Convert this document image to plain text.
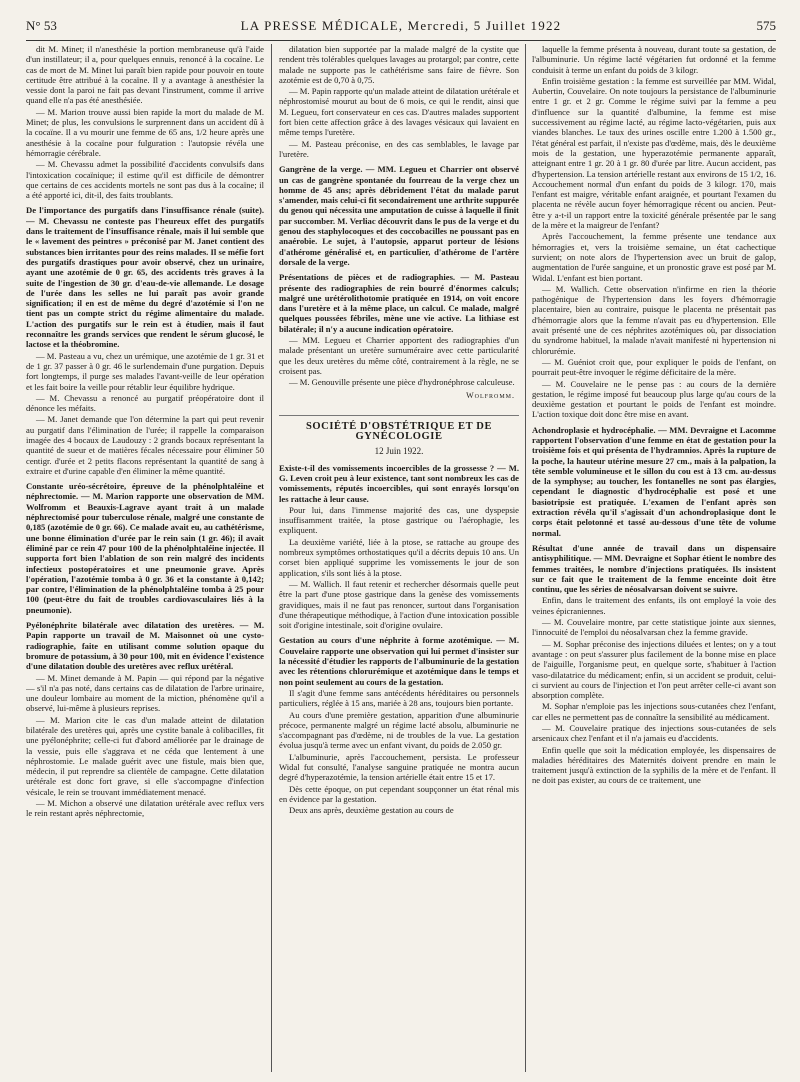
N° 53	LA PRESSE MÉDICALE, Mercredi, 5 Juillet 1922	575

dit M. Minet; il n'anesthésie la portion membraneuse qu'à l'aide d'un instillateur; il a, pour quelques ennuis, renoncé à la cocaïne. Le cas de mort de M. Minet lui paraît bien rapide pour pouvoir en toute certitude être attribué à la cocaïne. Il y a avantage à anesthésier la vessie dont la paroi ne fait pas devant l'instrument, comme il arrive quand elle n'a pas été anesthésiée.

— M. Marion trouve aussi bien rapide la mort du malade de M. Minet; de plus, les convulsions le surprennent dans un accident dû à la cocaïne. Il a vu mourir une femme de 65 ans, 1/2 heure après une anesthésie à la cocaïne pour fulguration : l'autopsie révéla une hémorragie cérébrale.

— M. Chevassu admet la possibilité d'accidents convulsifs dans l'intoxication cocaïnique; il estime qu'il est difficile de démontrer que certains de ces accidents mortels ne sont pas dus à la cocaïne; il a été apporté ici, dit-il, des faits troublants.

De l'importance des purgatifs dans l'insuffisance rénale (suite). — M. Chevassu ne conteste pas l'heureux effet des purgatifs dans le traitement de l'insuffisance rénale, mais il lui semble que le « lavement des peintres » préconisé par M. Janet contient des substances bien irritantes pour des reins malades. Il se méfie fort des purgatifs drastiques pour avoir observé, chez un urinaire, ayant une azotémie de 0 gr. 65, des accidents très graves à la suite de l'ingestion de 30 gr. d'eau-de-vie allemande. Le dosage de l'urée dans les selles ne lui paraît pas avoir grande signification; il en est de même du degré d'azotémie si l'on ne tient pas un compte strict du régime alimentaire du malade. L'action des purgatifs sur le rein est à étudier, mais il faut reconnaître les grands services que rendent le sérum glucosé, le lactose et la théobromine.

— M. Pasteau a vu, chez un urémique, une azotémie de 1 gr. 31 et de 1 gr. 37 passer à 0 gr. 46 le surlendemain d'une purgation. Depuis fort longtemps, il purge ses malades l'avant-veille de leur opération et les fait boire la veille pour rétablir leur équilibre hydrique.

— M. Chevassu a renoncé au purgatif préopératoire dont il dénonce les méfaits.

— M. Janet demande que l'on détermine la part qui peut revenir au purgatif dans l'élimination de l'urée; il rappelle la comparaison imagée des 4 bocaux de Laudouzy : 2 grands bocaux représentant la quantité de sueur et de matières fécales nécessaire pour éliminer 50 centigr. d'urée et 2 petits flacons représentant la quantité de sang à extraire et d'urine capable d'en éliminer la même quantité.

Constante uréo-sécrétoire, épreuve de la phénolphtaléine et néphrectomie. — M. Marion rapporte une observation de MM. Wolfromm et Beauxis-Lagrave ayant trait à un malade néphrectomisé pour tuberculose rénale, malgré une constante de 0,185 (azotémie de 0 gr. 66). Ce malade avait eu, au cathétérisme, une bonne élimination d'urée par le rein sain (1 gr. 46); il avait éliminé par ce rein 47 pour 100 de la phénolphtaléine injectée. Il supporta fort bien l'ablation de son rein malgré des incidents infectieux postopératoires et une pneumonie grave. Après l'opération, l'azotémie tomba à 0 gr. 36 et la constante à 0,142; par contre, l'élimination de la phénolphtaléine tomba à 25 pour 100 (peut-être du fait de troubles cardiovasculaires liés à la pneumonie).

Pyélonéphrite bilatérale avec dilatation des uretères. — M. Papin rapporte un travail de M. Maisonnet où une cysto-radiographie, faite en utilisant comme solution opaque du bromure de potassium, à 30 pour 100, mit en évidence l'existence d'une dilatation double des uretères avec reflux urétéral.

— M. Minet demande à M. Papin — qui répond par la négative — s'il n'a pas noté, dans certains cas de dilatation de l'arbre urinaire, une douleur lombaire au moment de la miction, phénomène qu'il a observé, lui-même à plusieurs reprises.

— M. Marion cite le cas d'un malade atteint de dilatation bilatérale des uretères qui, après une cystite banale à colibacilles, fit une pyélonéphrite; celle-ci fut d'abord améliorée par le drainage de la vessie, puis elle s'aggrava et ne céda que lentement à une néphrostomie. Le malade guérit avec une fistule, mais bien que, médecin, il put reprendre sa clientèle de campagne. Cette dilatation urétérale est donc fort grave, si elle s'accompagne d'infection vésicale, le rein se trouvant immédiatement menacé.

— M. Michon a observé une dilatation urétérale avec reflux vers le rein restant après néphrectomie,

dilatation bien supportée par la malade malgré de la cystite que rendent très tolérables quelques lavages au protargol; par contre, cette malade ne supporte pas le cathétérisme sans faire de fièvre. Son azotémie est de 0,70 à 0,75.

— M. Papin rapporte qu'un malade atteint de dilatation urétérale et néphrostomisé mourut au bout de 6 mois, ce qui le rendit, ainsi que M. Legueu, fort conservateur en ces cas. D'autres malades supportent fort bien cette affection grâce à des lavages vésicaux qui lavaient en même temps l'uretère.

— M. Pasteau préconise, en des cas semblables, le lavage par l'uretère.

Gangrène de la verge. — MM. Legueu et Charrier ont observé un cas de gangrène spontanée du fourreau de la verge chez un homme de 45 ans; après débridement l'état du malade parut s'amender, mais celui-ci fit secondairement une arthrite suppurée du genou qui nécessita une amputation de cuisse à laquelle il finit par succomber. M. Verliac découvrit dans le pus de la verge et du genou des staphylocoques et des coccobacilles ne poussant pas en anaérobie. Le sujet, à l'autopsie, apparut porteur de lésions d'athérome généralisé et, en particulier, d'athérome de l'artère dorsale de la verge.

Présentations de pièces et de radiographies. — M. Pasteau présente des radiographies de rein bourré d'énormes calculs; malgré une urétérolithotomie pratiquée en 1914, on voit encore dans l'uretère et à la même place, un calcul. Ce malade, malgré quelques poussées fébriles, mène une vie active. La lithiase est bilatérale; il n'y a aucune indication opératoire.

— MM. Legueu et Charrier apportent des radiographies d'un malade présentant un uretère surnuméraire avec cette particularité que les deux uretères du même côté, contrairement à la règle, ne se croisent pas.

— M. Genouville présente une pièce d'hydronéphrose calculeuse.

Wolfromm.

SOCIÉTÉ D'OBSTÉTRIQUE ET DE GYNÉCOLOGIE

12 Juin 1922.

Existe-t-il des vomissements incoercibles de la grossesse ? — M. G. Leven croit peu à leur existence, tant sont nombreux les cas de vomissements, réputés incoercibles, qui sont enrayés lorsqu'on les rattache à leur cause.

Pour lui, dans l'immense majorité des cas, une dyspepsie insuffisamment traitée, la ptose gastrique ou l'aérophagie, les expliquent.

La deuxième variété, liée à la ptose, se rattache au groupe des nombreux symptômes orthostatiques qu'il a décrits depuis 10 ans. Un corset bien appliqué supprime les vomissements le jour de son application, s'ils sont liés à la ptose.

— M. Wallich. Il faut retenir et rechercher désormais quelle peut être la part d'une ptose gastrique dans la genèse des vomissements gravidiques, mais il ne faut pas renoncer, surtout dans l'organisation d'une thérapeutique méthodique, à l'action d'une intoxication possible soit d'origine intestinale, soit d'origine ovulaire.

Gestation au cours d'une néphrite à forme azotémique. — M. Couvelaire rapporte une observation qui lui permet d'insister sur la nécessité d'étudier les rapports de l'albuminurie de la gestation avec les rétentions chlorurémique et azotémique dans le temps et non point seulement au cours de la gestation.

Il s'agit d'une femme sans antécédents héréditaires ou personnels particuliers, réglée à 15 ans, mariée à 28 ans, toujours bien portante.

Au cours d'une première gestation, apparition d'une albuminurie précoce, permanente malgré un régime lacté absolu, albuminurie ne s'accompagnant pas d'œdème, ni de troubles de la vue. La gestation évolua jusqu'à terme avec un enfant vivant, du poids de 2.050 gr.

L'albuminurie, après l'accouchement, persista. Le professeur Widal fut consulté, l'analyse sanguine pratiquée ne montra aucun degré d'hyperazotémie, la tension artérielle était entre 15 et 17.

Dès cette époque, on put cependant soupçonner un état rénal mis en évidence par la gestation.

Deux ans après, deuxième gestation au cours de

laquelle la femme présenta à nouveau, durant toute sa gestation, de l'albuminurie. Un régime lacté végétarien fut ordonné et la femme conduisit à terme un enfant du poids de 3 kilogr.

Enfin troisième gestation : la femme est surveillée par MM. Widal, Aubertin, Couvelaire. On note toujours la persistance de l'albuminurie entre 1 gr. et 2 gr. Comme le régime suivi par la femme a peu d'influence sur la quantité d'albumine, la femme est mise successivement au régime lacté, au régime lacto-végétarien, puis aux viandes blanches. Le taux des urines oscille entre 1.200 à 1.500 gr., l'état général est parfait, il n'existe pas d'œdème, mais, dès le deuxième mois de la gestation, une hyperazotémie permanente apparaît, atteignant entre 1 gr. 20 à 1 gr. 80 d'urée par litre. Aucun accident, pas d'hypertension. La tension artérielle restant aux environs de 15 1/2, 16. Accouchement normal d'un enfant du poids de 3 kilogr. 170, mais l'enfant est maigre, véritable enfant araignée, et pourtant l'examen du placenta ne révèle aucun foyer hémorragique récent ou ancien. Peut-être y a-t-il un rapport entre la toxicité générale présentée par le sang de la mère et la maigreur de l'enfant?

Après l'accouchement, la femme présente une tendance aux hémorragies et, vers la troisième semaine, un état cachectique survient; on note alors de l'hypertension avec un bruit de galop, augmentation de l'urée sanguine, et un pronostic grave est posé par M. Widal. L'enfant est bien portant.

— M. Wallich. Cette observation n'infirme en rien la théorie pathogénique de l'hypertension dans les foyers d'hémorragie placentaire, bien au contraire, puisque le placenta ne présentait pas d'hémorragie alors que la femme n'avait pas eu d'hypertension. Elle avait présenté une de ces néphrites azotémiques où, par dissociation du syndrome habituel, la malade n'avait manifesté ni hypertension ni chlorurémie.

— M. Guéniot croit que, pour expliquer le poids de l'enfant, on pourrait peut-être invoquer le régime déficitaire de la mère.

— M. Couvelaire ne le pense pas : au cours de la dernière gestation, le régime imposé fut beaucoup plus large qu'au cours de la deuxième gestation et pourtant le poids de l'enfant est moindre. L'action toxique doit donc être mise en avant.

Achondroplasie et hydrocéphalie. — MM. Devraigne et Lacomme rapportent l'observation d'une femme en état de gestation pour la troisième fois et qui présenta de l'hydramnios. Après la rupture de la poche, la hauteur utérine mesure 27 cm., mais à la palpation, la tête semble volumineuse et le sillon du cou est à 13 cm. au-dessus de la symphyse; au toucher, les fontanelles ne sont pas élargies, cependant le diagnostic d'hydrocéphalie est posé et une basiotripsie est pratiquée. L'examen de l'enfant après son extraction révéla qu'il s'agissait d'un achondroplasique dont le corps était pelotonné et tassé au-dessous d'une tête de volume normal.

Résultat d'une année de travail dans un dispensaire antisyphilitique. — MM. Devraigne et Sophar étient le nombre des femmes traitées, le nombre d'injections pratiquées. Ils insistent sur ce fait que le traitement de la femme enceinte doit être continu, que les séries de néosalvarsan doivent se suivre.

Enfin, dans le traitement des enfants, ils ont employé la voie des veines épicraniennes.

— M. Couvelaire montre, par cette statistique jointe aux siennes, l'innocuité de l'emploi du néosalvarsan chez la femme gravide.

— M. Sophar préconise des injections diluées et lentes; on y a tout avantage : on peut s'assurer plus facilement de la bonne mise en place de l'aiguille, l'organisme peut, en quelque sorte, s'habituer à l'action vaso-dilatatrice du médicament; enfin, si un accident se produit, celui-ci survient au cours de l'injection et l'on peut arrêter celle-ci avant son absorption complète.

M. Sophar n'emploie pas les injections sous-cutanées chez l'enfant, car elles ne permettent pas de connaître la sensibilité au médicament.

— M. Couvelaire pratique des injections sous-cutanées de sels arsenicaux chez l'enfant et il n'a jamais eu d'accidents.

Enfin quelle que soit la médication employée, les dispensaires de maladies héréditaires des Maternités doivent prendre en main le traitement jusqu'à extinction de la syphilis de la mère et de l'enfant. Il ne doit pas exister, au cours de ce traitement, une
